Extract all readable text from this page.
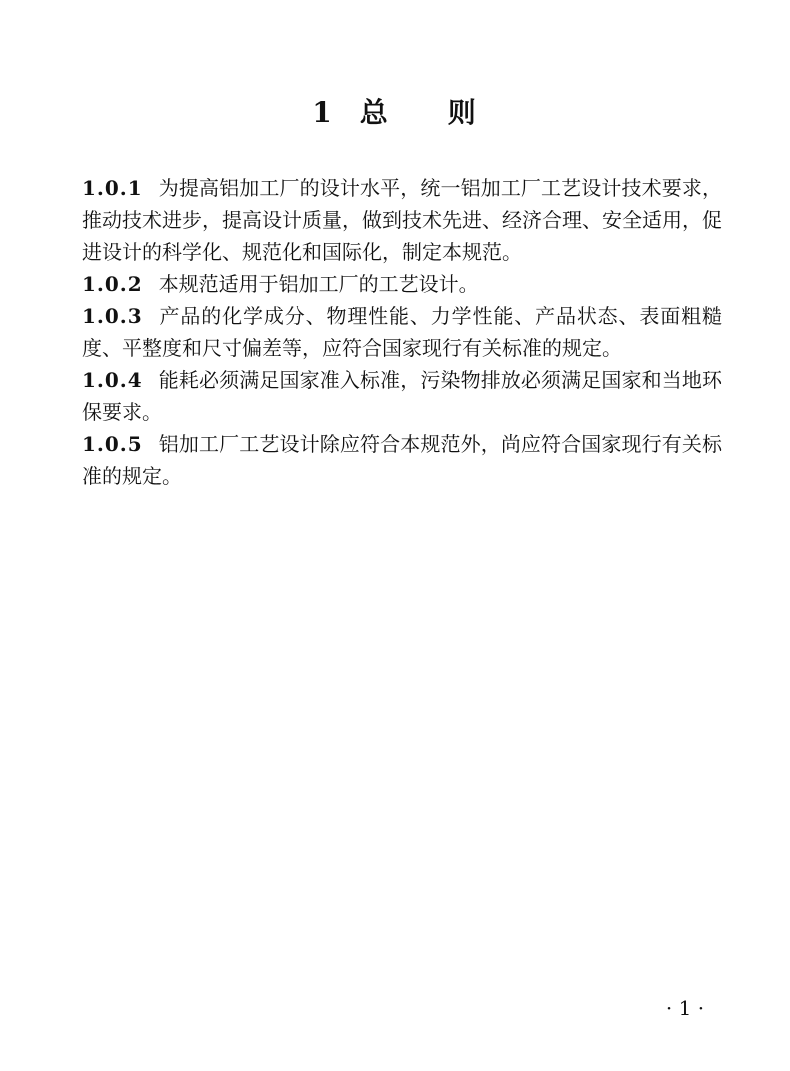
1 总 则

1.0.1 为提高铝加工厂的设计水平，统一铝加工厂工艺设计技术要求，推动技术进步，提高设计质量，做到技术先进、经济合理、安全适用，促进设计的科学化、规范化和国际化，制定本规范。

1.0.2 本规范适用于铝加工厂的工艺设计。

1.0.3 产品的化学成分、物理性能、力学性能、产品状态、表面粗糙度、平整度和尺寸偏差等，应符合国家现行有关标准的规定。

1.0.4 能耗必须满足国家准入标准，污染物排放必须满足国家和当地环保要求。

1.0.5 铝加工厂工艺设计除应符合本规范外，尚应符合国家现行有关标准的规定。

· 1 ·
